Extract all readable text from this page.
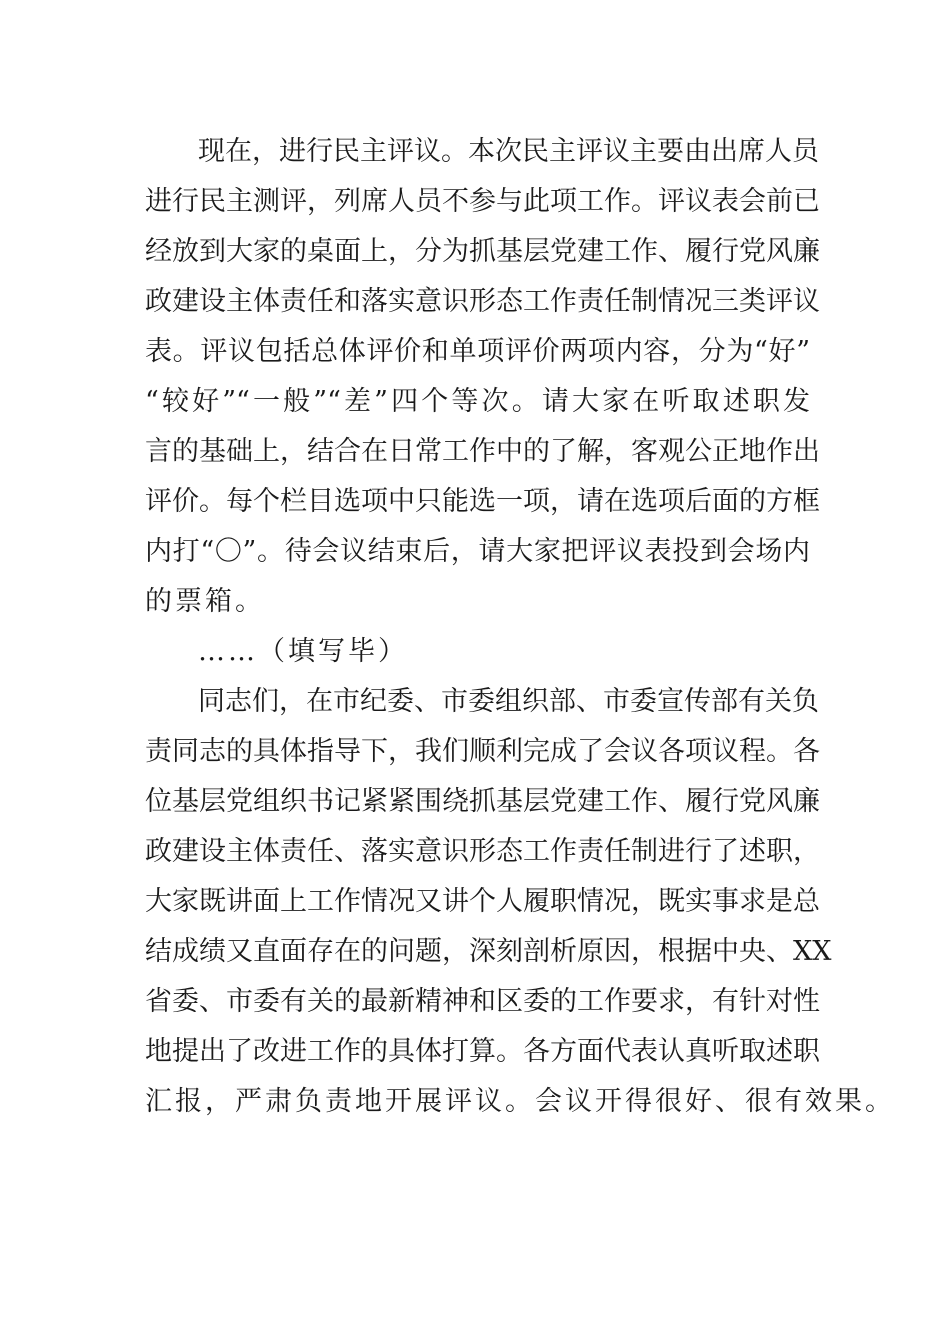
现在，进行民主评议。本次民主评议主要由出席人员

进行民主测评，列席人员不参与此项工作。评议表会前已

经放到大家的桌面上，分为抓基层党建工作、履行党风廉

政建设主体责任和落实意识形态工作责任制情况三类评议

表。评议包括总体评价和单项评价两项内容，分为“好”

“较好”“一般”“差”四个等次。请大家在听取述职发

言的基础上，结合在日常工作中的了解，客观公正地作出

评价。每个栏目选项中只能选一项，请在选项后面的方框

内打“〇”。待会议结束后，请大家把评议表投到会场内

的票箱。

……（填写毕）

同志们，在市纪委、市委组织部、市委宣传部有关负

责同志的具体指导下，我们顺利完成了会议各项议程。各

位基层党组织书记紧紧围绕抓基层党建工作、履行党风廉

政建设主体责任、落实意识形态工作责任制进行了述职，

大家既讲面上工作情况又讲个人履职情况，既实事求是总

结成绩又直面存在的问题，深刻剖析原因，根据中央、XX

省委、市委有关的最新精神和区委的工作要求，有针对性

地提出了改进工作的具体打算。各方面代表认真听取述职

汇报，严肃负责地开展评议。会议开得很好、很有效果。
